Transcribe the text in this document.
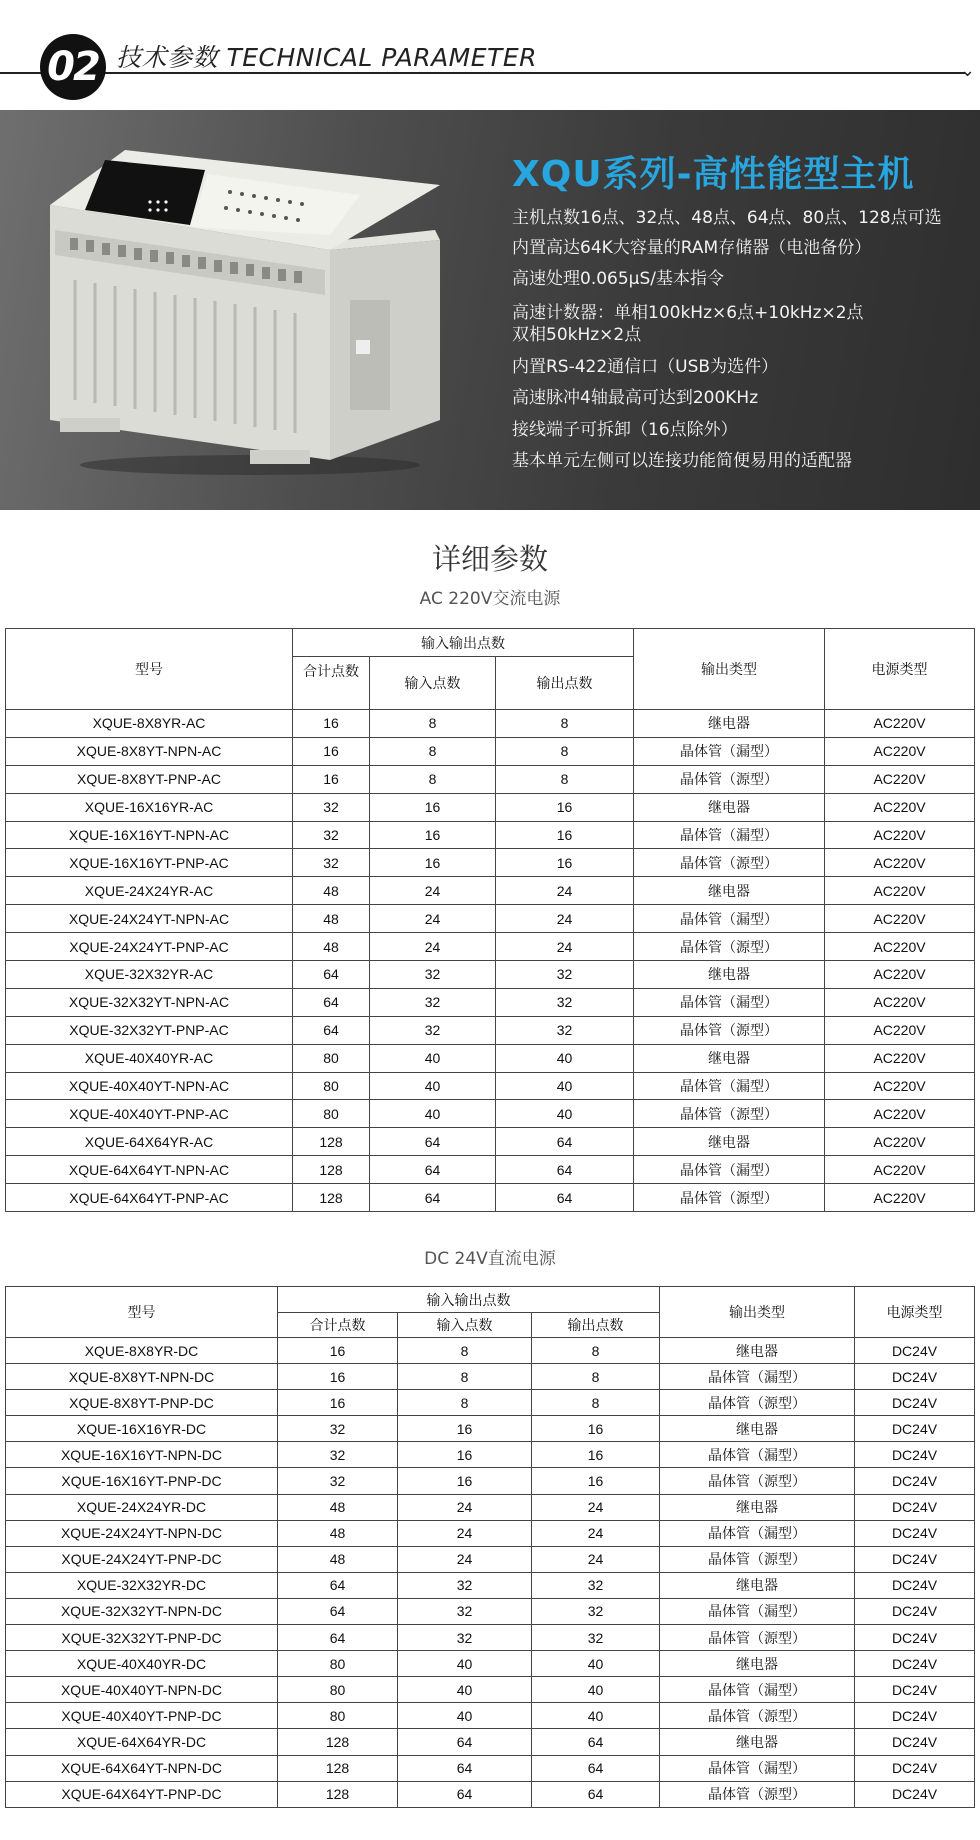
02 技术参数 TECHNICAL PARAMETER	⌄
XQU系列-高性能型主机
主机点数16点、32点、48点、64点、80点、128点可选
内置高达64K大容量的RAM存储器（电池备份）
高速处理0.065μS/基本指令
高速计数器：单相100kHz×6点+10kHz×2点
双相50kHz×2点
内置RS-422通信口（USB为选件）
高速脉冲4轴最高可达到200KHz
接线端子可拆卸（16点除外）
基本单元左侧可以连接功能简便易用的适配器
详细参数
AC 220V交流电源
型号	输入输出点数			输出类型	电源类型
	合计点数	输入点数	输出点数		
XQUE-8X8YR-AC	16	8	8	继电器	AC220V
XQUE-8X8YT-NPN-AC	16	8	8	晶体管（漏型）	AC220V
XQUE-8X8YT-PNP-AC	16	8	8	晶体管（源型）	AC220V
XQUE-16X16YR-AC	32	16	16	继电器	AC220V
XQUE-16X16YT-NPN-AC	32	16	16	晶体管（漏型）	AC220V
XQUE-16X16YT-PNP-AC	32	16	16	晶体管（源型）	AC220V
XQUE-24X24YR-AC	48	24	24	继电器	AC220V
XQUE-24X24YT-NPN-AC	48	24	24	晶体管（漏型）	AC220V
XQUE-24X24YT-PNP-AC	48	24	24	晶体管（源型）	AC220V
XQUE-32X32YR-AC	64	32	32	继电器	AC220V
XQUE-32X32YT-NPN-AC	64	32	32	晶体管（漏型）	AC220V
XQUE-32X32YT-PNP-AC	64	32	32	晶体管（源型）	AC220V
XQUE-40X40YR-AC	80	40	40	继电器	AC220V
XQUE-40X40YT-NPN-AC	80	40	40	晶体管（漏型）	AC220V
XQUE-40X40YT-PNP-AC	80	40	40	晶体管（源型）	AC220V
XQUE-64X64YR-AC	128	64	64	继电器	AC220V
XQUE-64X64YT-NPN-AC	128	64	64	晶体管（漏型）	AC220V
XQUE-64X64YT-PNP-AC	128	64	64	晶体管（源型）	AC220V
DC 24V直流电源
型号	输入输出点数			输出类型	电源类型
	合计点数	输入点数	输出点数		
XQUE-8X8YR-DC	16	8	8	继电器	DC24V
XQUE-8X8YT-NPN-DC	16	8	8	晶体管（漏型）	DC24V
XQUE-8X8YT-PNP-DC	16	8	8	晶体管（源型）	DC24V
XQUE-16X16YR-DC	32	16	16	继电器	DC24V
XQUE-16X16YT-NPN-DC	32	16	16	晶体管（漏型）	DC24V
XQUE-16X16YT-PNP-DC	32	16	16	晶体管（源型）	DC24V
XQUE-24X24YR-DC	48	24	24	继电器	DC24V
XQUE-24X24YT-NPN-DC	48	24	24	晶体管（漏型）	DC24V
XQUE-24X24YT-PNP-DC	48	24	24	晶体管（源型）	DC24V
XQUE-32X32YR-DC	64	32	32	继电器	DC24V
XQUE-32X32YT-NPN-DC	64	32	32	晶体管（漏型）	DC24V
XQUE-32X32YT-PNP-DC	64	32	32	晶体管（源型）	DC24V
XQUE-40X40YR-DC	80	40	40	继电器	DC24V
XQUE-40X40YT-NPN-DC	80	40	40	晶体管（漏型）	DC24V
XQUE-40X40YT-PNP-DC	80	40	40	晶体管（源型）	DC24V
XQUE-64X64YR-DC	128	64	64	继电器	DC24V
XQUE-64X64YT-NPN-DC	128	64	64	晶体管（漏型）	DC24V
XQUE-64X64YT-PNP-DC	128	64	64	晶体管（源型）	DC24V
